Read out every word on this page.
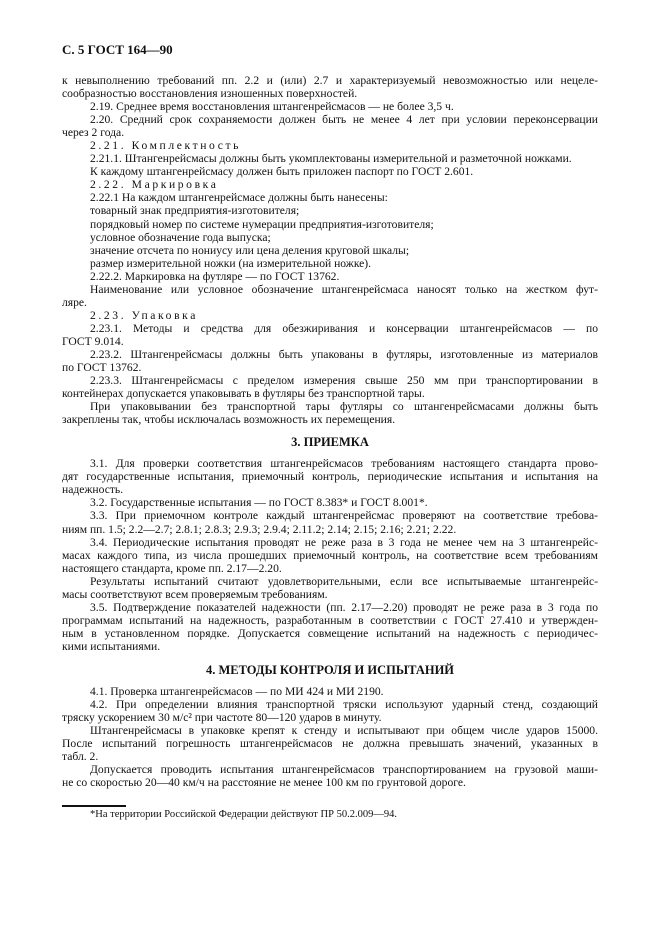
С. 5 ГОСТ 164—90
к невыполнению требований пп. 2.2 и (или) 2.7 и характеризуемый невозможностью или нецеле-
сообразностью восстановления изношенных поверхностей.
2.19. Среднее время восстановления штангенрейсмасов — не более 3,5 ч.
2.20. Средний срок сохраняемости должен быть не менее 4 лет при условии переконсервации
через 2 года.
2.21. Комплектность
2.21.1. Штангенрейсмасы должны быть укомплектованы измерительной и разметочной ножками.
К каждому штангенрейсмасу должен быть приложен паспорт по ГОСТ 2.601.
2.22. Маркировка
2.22.1 На каждом штангенрейсмасе должны быть нанесены:
товарный знак предприятия-изготовителя;
порядковый номер по системе нумерации предприятия-изготовителя;
условное обозначение года выпуска;
значение отсчета по нониусу или цена деления круговой шкалы;
размер измерительной ножки (на измерительной ножке).
2.22.2. Маркировка на футляре — по ГОСТ 13762.
Наименование или условное обозначение штангенрейсмаса наносят только на жестком фут-
ляре.
2.23. Упаковка
2.23.1. Методы и средства для обезжиривания и консервации штангенрейсмасов — по
ГОСТ 9.014.
2.23.2. Штангенрейсмасы должны быть упакованы в футляры, изготовленные из материалов
по ГОСТ 13762.
2.23.3. Штангенрейсмасы с пределом измерения свыше 250 мм при транспортировании в
контейнерах допускается упаковывать в футляры без транспортной тары.
При упаковывании без транспортной тары футляры со штангенрейсмасами должны быть
закреплены так, чтобы исключалась возможность их перемещения.
3. ПРИЕМКА
3.1. Для проверки соответствия штангенрейсмасов требованиям настоящего стандарта прово-
дят государственные испытания, приемочный контроль, периодические испытания и испытания на
надежность.
3.2. Государственные испытания — по ГОСТ 8.383* и ГОСТ 8.001*.
3.3. При приемочном контроле каждый штангенрейсмас проверяют на соответствие требова-
ниям пп. 1.5; 2.2—2.7; 2.8.1; 2.8.3; 2.9.3; 2.9.4; 2.11.2; 2.14; 2.15; 2.16; 2.21; 2.22.
3.4. Периодические испытания проводят не реже раза в 3 года не менее чем на 3 штангенрейс-
масах каждого типа, из числа прошедших приемочный контроль, на соответствие всем требованиям
настоящего стандарта, кроме пп. 2.17—2.20.
Результаты испытаний считают удовлетворительными, если все испытываемые штангенрейс-
масы соответствуют всем проверяемым требованиям.
3.5. Подтверждение показателей надежности (пп. 2.17—2.20) проводят не реже раза в 3 года по
программам испытаний на надежность, разработанным в соответствии с ГОСТ 27.410 и утвержден-
ным в установленном порядке. Допускается совмещение испытаний на надежность с периодичес-
кими испытаниями.
4. МЕТОДЫ КОНТРОЛЯ И ИСПЫТАНИЙ
4.1. Проверка штангенрейсмасов — по МИ 424 и МИ 2190.
4.2. При определении влияния транспортной тряски используют ударный стенд, создающий
тряску ускорением 30 м/с² при частоте 80—120 ударов в минуту.
Штангенрейсмасы в упаковке крепят к стенду и испытывают при общем числе ударов 15000.
После испытаний погрешность штангенрейсмасов не должна превышать значений, указанных в
табл. 2.
Допускается проводить испытания штангенрейсмасов транспортированием на грузовой маши-
не со скоростью 20—40 км/ч на расстояние не менее 100 км по грунтовой дороге.
*На территории Российской Федерации действуют ПР 50.2.009—94.
